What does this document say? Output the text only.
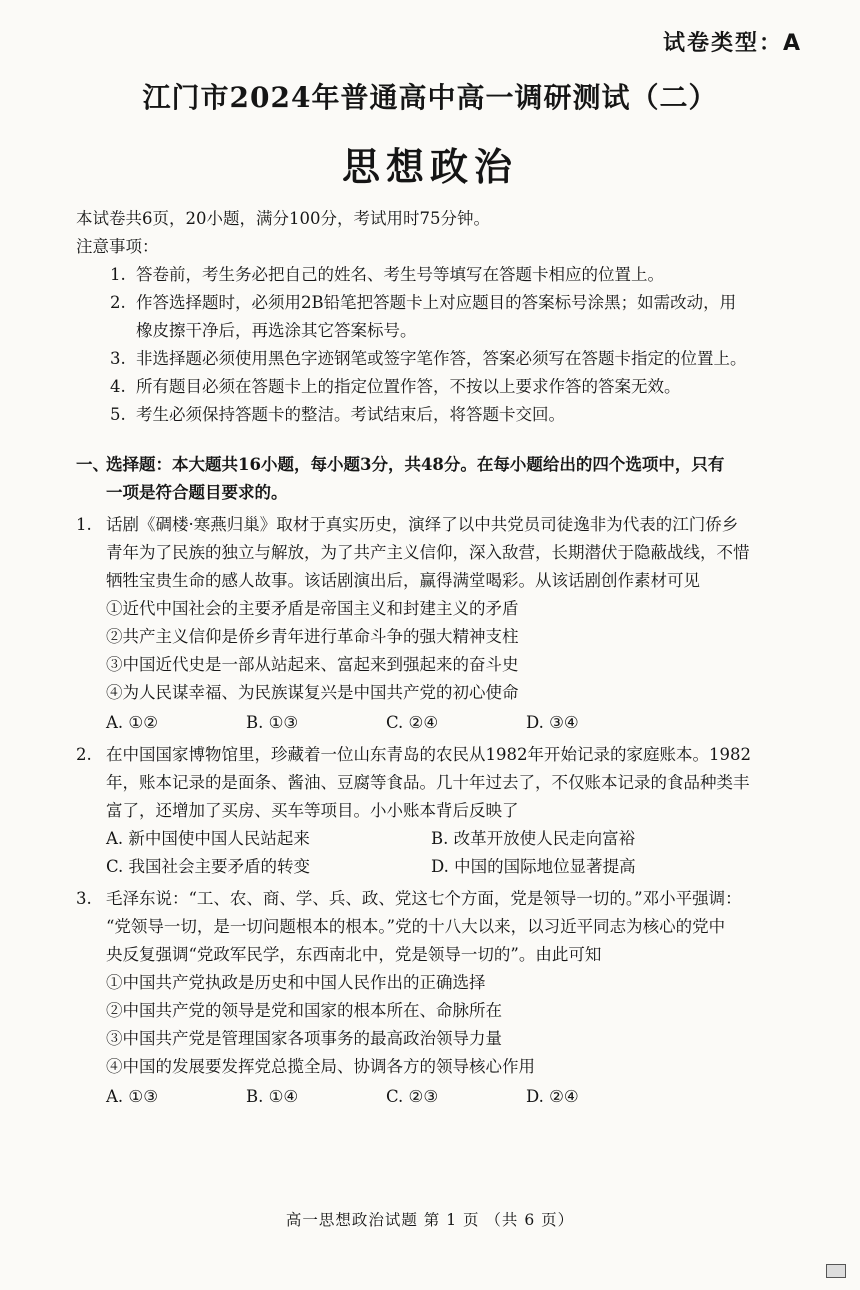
试卷类型：A
江门市2024年普通高中高一调研测试（二）
思想政治
本试卷共6页，20小题，满分100分，考试用时75分钟。
注意事项：
1. 答卷前，考生务必把自己的姓名、考生号等填写在答题卡相应的位置上。
2. 作答选择题时，必须用2B铅笔把答题卡上对应题目的答案标号涂黑；如需改动，用
橡皮擦干净后，再选涂其它答案标号。
3. 非选择题必须使用黑色字迹钢笔或签字笔作答，答案必须写在答题卡指定的位置上。
4. 所有题目必须在答题卡上的指定位置作答，不按以上要求作答的答案无效。
5. 考生必须保持答题卡的整洁。考试结束后，将答题卡交回。
一、
选择题：本大题共16小题，每小题3分，共48分。在每小题给出的四个选项中，只有
一项是符合题目要求的。
1. 话剧《碉楼·寒燕归巢》取材于真实历史，演绎了以中共党员司徒逸非为代表的江门侨乡
青年为了民族的独立与解放，为了共产主义信仰，深入敌营，长期潜伏于隐蔽战线，不惜
牺牲宝贵生命的感人故事。该话剧演出后，赢得满堂喝彩。从该话剧创作素材可见
①近代中国社会的主要矛盾是帝国主义和封建主义的矛盾
②共产主义信仰是侨乡青年进行革命斗争的强大精神支柱
③中国近代史是一部从站起来、富起来到强起来的奋斗史
④为人民谋幸福、为民族谋复兴是中国共产党的初心使命
A. ①②	B. ①③	C. ②④	D. ③④
2. 在中国国家博物馆里，珍藏着一位山东青岛的农民从1982年开始记录的家庭账本。1982
年，账本记录的是面条、酱油、豆腐等食品。几十年过去了，不仅账本记录的食品种类丰
富了，还增加了买房、买车等项目。小小账本背后反映了
A. 新中国使中国人民站起来	B. 改革开放使人民走向富裕
C. 我国社会主要矛盾的转变	D. 中国的国际地位显著提高
3. 毛泽东说：“工、农、商、学、兵、政、党这七个方面，党是领导一切的。”邓小平强调：
“党领导一切，是一切问题根本的根本。”党的十八大以来，以习近平同志为核心的党中
央反复强调“党政军民学，东西南北中，党是领导一切的”。由此可知
①中国共产党执政是历史和中国人民作出的正确选择
②中国共产党的领导是党和国家的根本所在、命脉所在
③中国共产党是管理国家各项事务的最高政治领导力量
④中国的发展要发挥党总揽全局、协调各方的领导核心作用
A. ①③	B. ①④	C. ②③	D. ②④
高一思想政治试题 第 1 页 （共 6 页）
